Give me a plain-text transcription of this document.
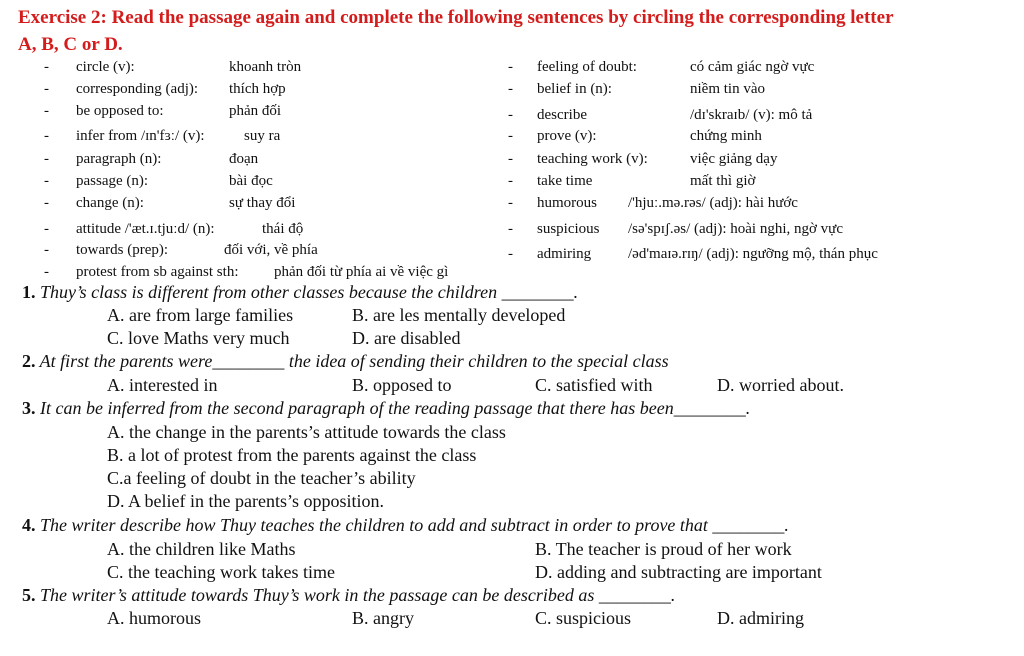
Exercise 2: Read the passage again and complete the following sentences by circling the corresponding letter
A, B, C or D.
- circle (v):	khoanh tròn
- corresponding (adj): thích hợp
- be opposed to:	phản đối
- infer from /ɪn'fɜː/ (v):	suy ra
- paragraph (n):	đoạn
- passage (n):	bài đọc
- change (n):	sự thay đổi
- attitude /'æt.ɪ.tjuːd/ (n):	thái độ
- towards (prep):	đối với, về phía
- protest from sb against sth: phản đối từ phía ai về việc gì
- feeling of doubt:	có cảm giác ngờ vực
- belief in (n):	niềm tin vào
- describe	/dɪ'skraɪb/ (v): mô tả
- prove (v):	chứng minh
- teaching work (v):	việc giảng dạy
- take time	mất thì giờ
- humorous /'hjuː.mə.rəs/ (adj): hài hước
- suspicious /sə'spɪʃ.əs/ (adj): hoài nghi, ngờ vực
- admiring /əd'maɪə.rɪŋ/ (adj): ngưỡng mộ, thán phục
1. Thuy’s class is different from other classes because the children ________.
A. are from large families	B. are les mentally developed
C. love Maths very much	D. are disabled
2. At first the parents were________ the idea of sending their children to the special class
A. interested in	B. opposed to	C. satisfied with	D. worried about.
3. It can be inferred from the second paragraph of the reading passage that there has been________.
A. the change in the parents’s attitude towards the class
B. a lot of protest from the parents against the class
C.a feeling of doubt in the teacher’s ability
D. A belief in the parents’s opposition.
4. The writer describe how Thuy teaches the children to add and subtract in order to prove that ________.
A. the children like Maths	B. The teacher is proud of her work
C. the teaching work takes time	D. adding and subtracting are important
5. The writer’s attitude towards Thuy’s work in the passage can be described as ________.
A. humorous	B. angry	C. suspicious	D. admiring
